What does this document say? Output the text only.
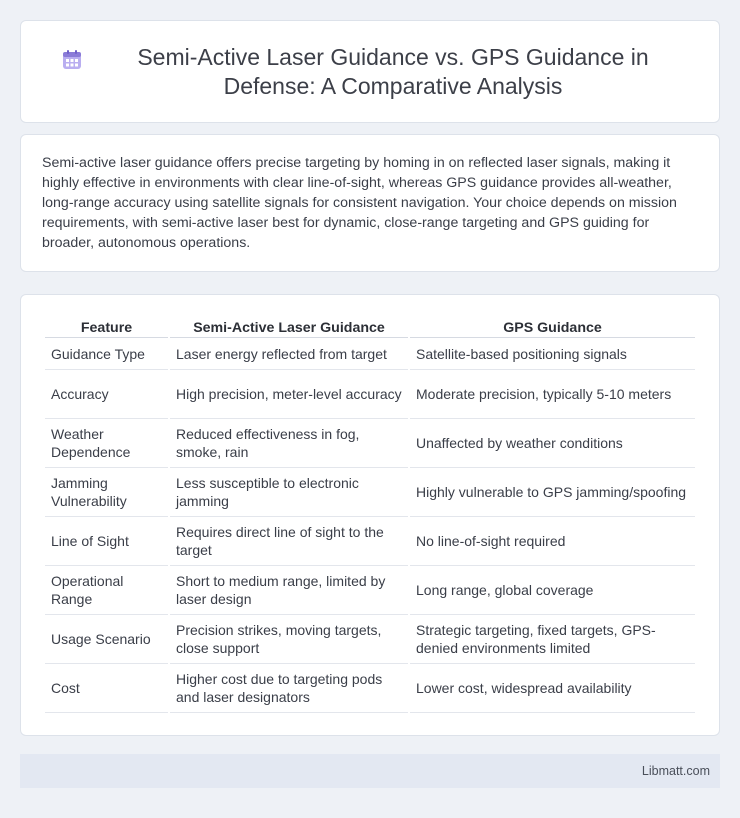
Semi-Active Laser Guidance vs. GPS Guidance in Defense: A Comparative Analysis

Semi-active laser guidance offers precise targeting by homing in on reflected laser signals, making it highly effective in environments with clear line-of-sight, whereas GPS guidance provides all-weather, long-range accuracy using satellite signals for consistent navigation. Your choice depends on mission requirements, with semi-active laser best for dynamic, close-range targeting and GPS guiding for broader, autonomous operations.

Feature	Semi-Active Laser Guidance	GPS Guidance
Guidance Type	Laser energy reflected from target	Satellite-based positioning signals
Accuracy	High precision, meter-level accuracy	Moderate precision, typically 5-10 meters
Weather Dependence	Reduced effectiveness in fog, smoke, rain	Unaffected by weather conditions
Jamming Vulnerability	Less susceptible to electronic jamming	Highly vulnerable to GPS jamming/spoofing
Line of Sight	Requires direct line of sight to the target	No line-of-sight required
Operational Range	Short to medium range, limited by laser design	Long range, global coverage
Usage Scenario	Precision strikes, moving targets, close support	Strategic targeting, fixed targets, GPS-denied environments limited
Cost	Higher cost due to targeting pods and laser designators	Lower cost, widespread availability
Libmatt.com
